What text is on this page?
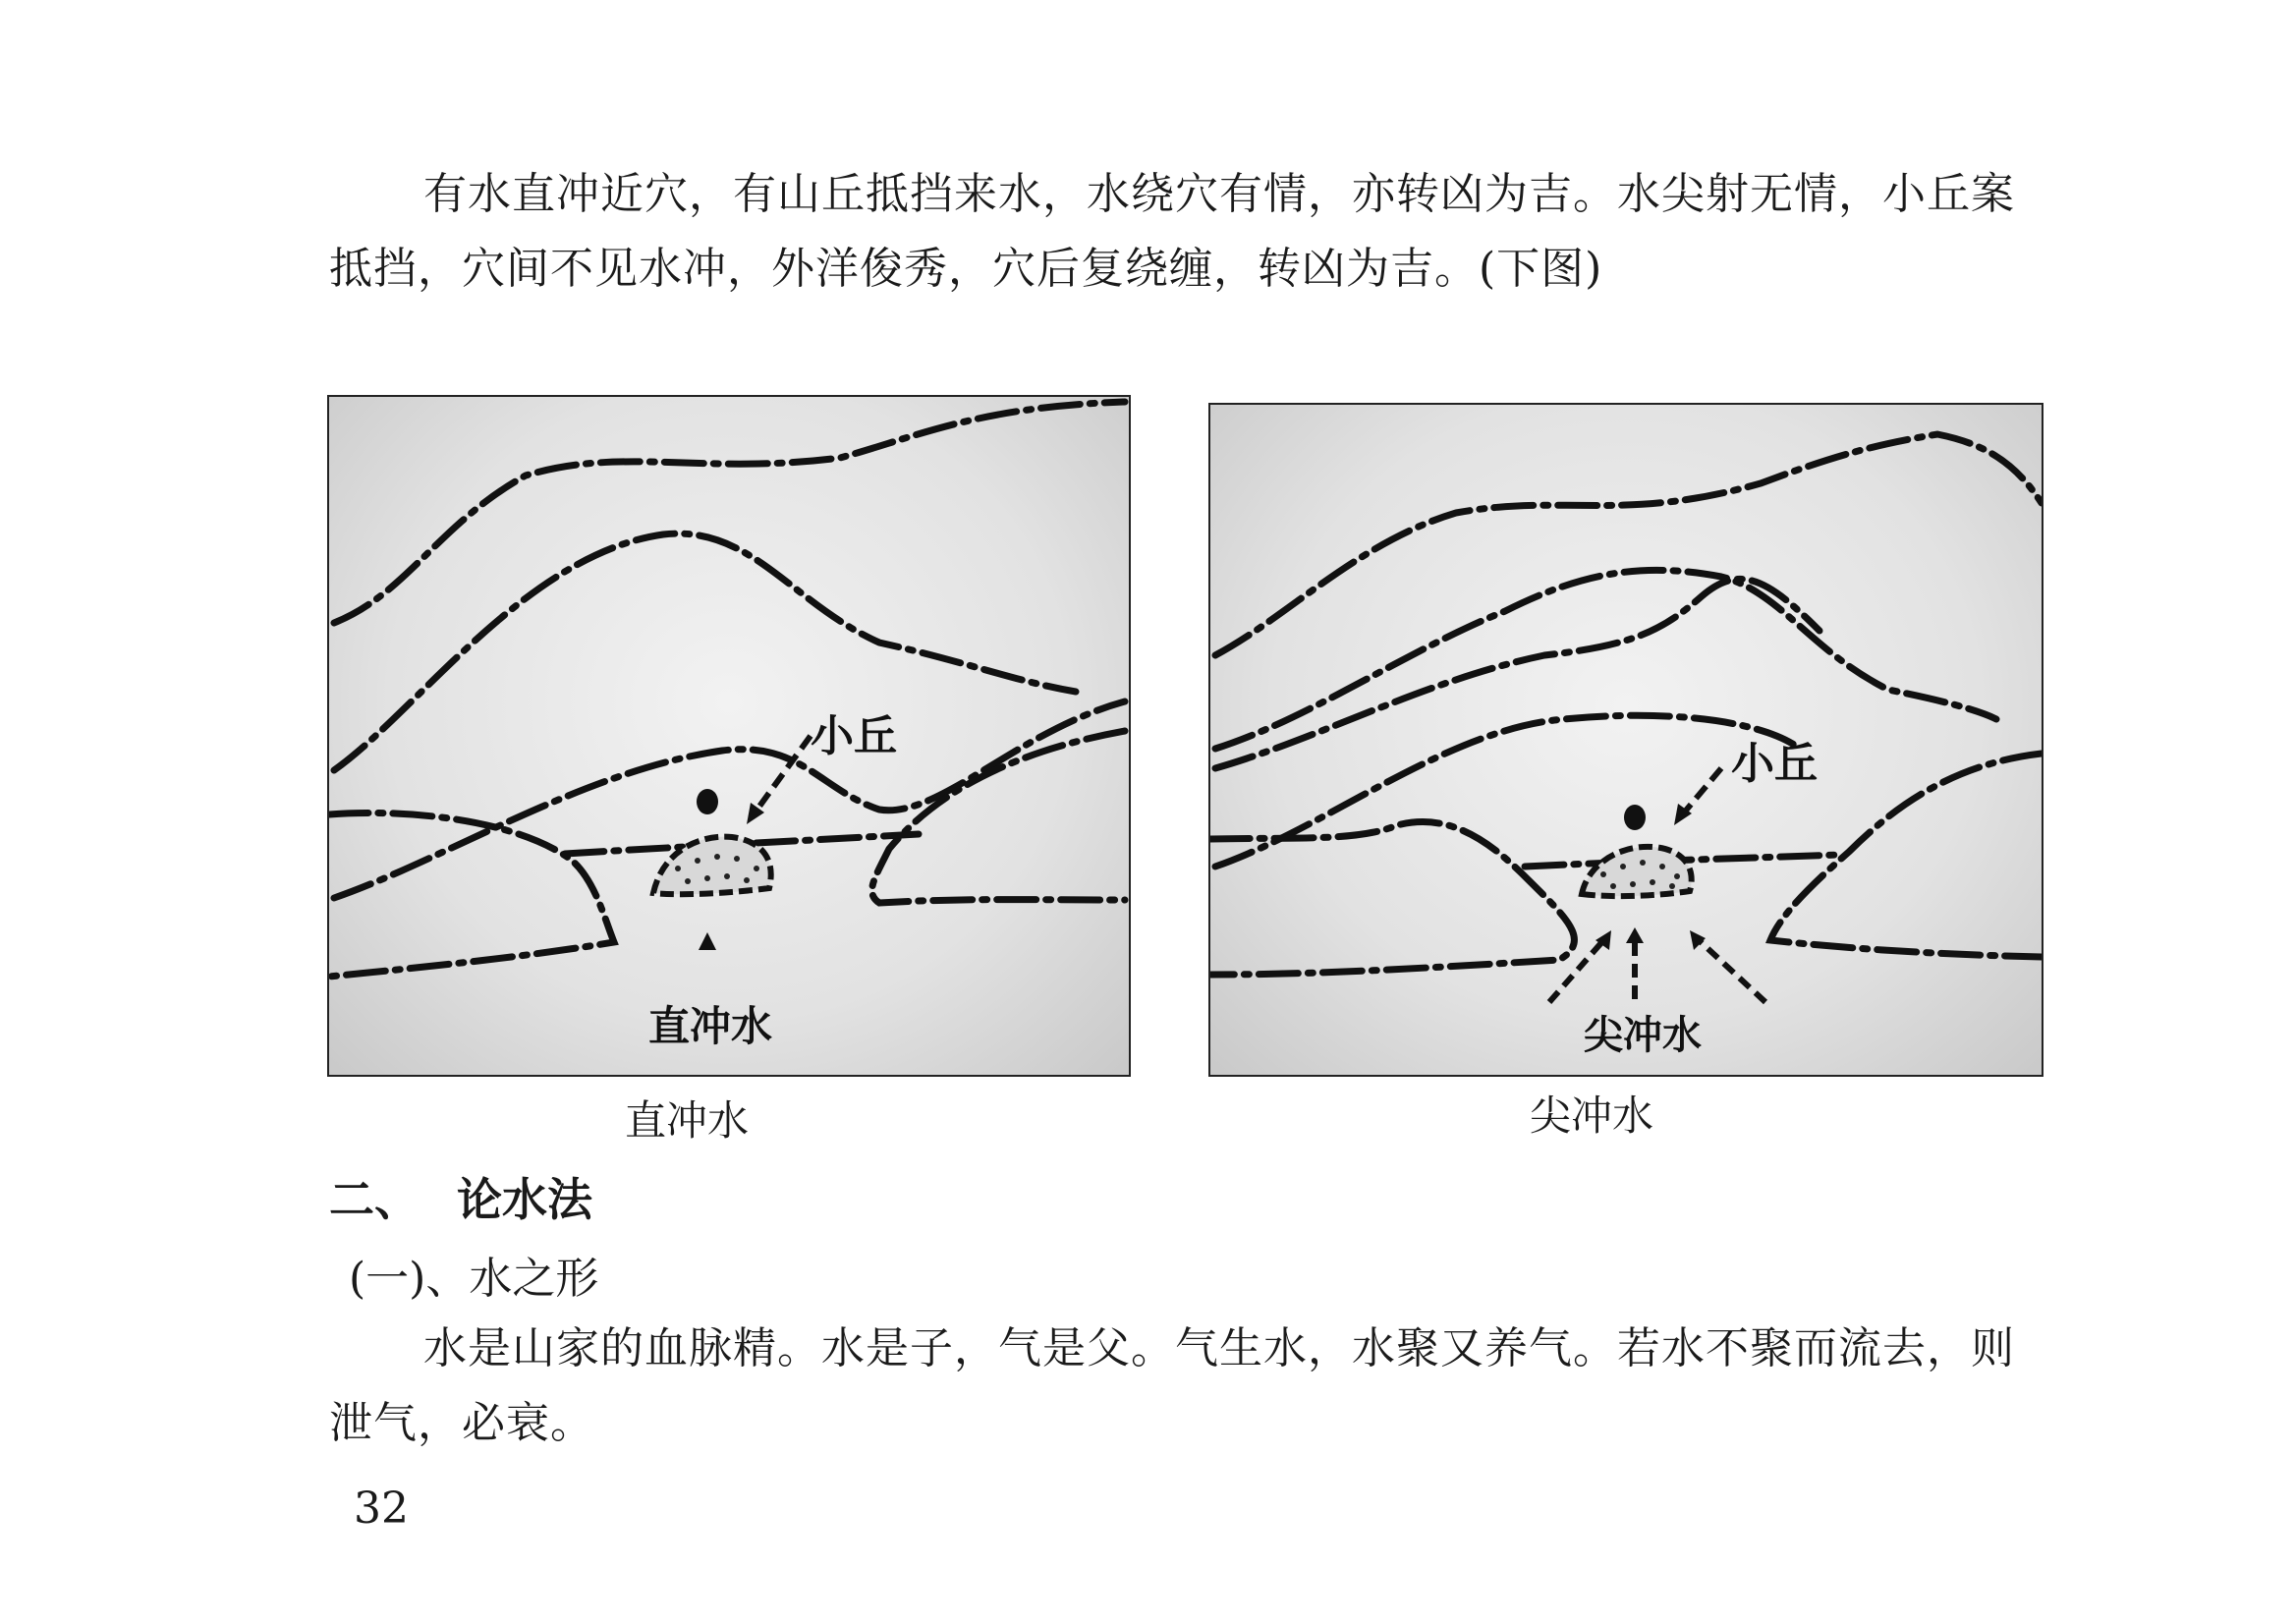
有水直冲近穴，有山丘抵挡来水，水绕穴有情，亦转凶为吉。水尖射无情，小丘案
抵挡，穴间不见水冲，外洋俊秀，穴后复绕缠，转凶为吉。(下图)

小丘
直冲水
小丘
尖冲水

直冲水	尖冲水

二、 论水法

(一)、水之形

水是山家的血脉精。水是子，气是父。气生水，水聚又养气。若水不聚而流去，则
泄气，必衰。

32
